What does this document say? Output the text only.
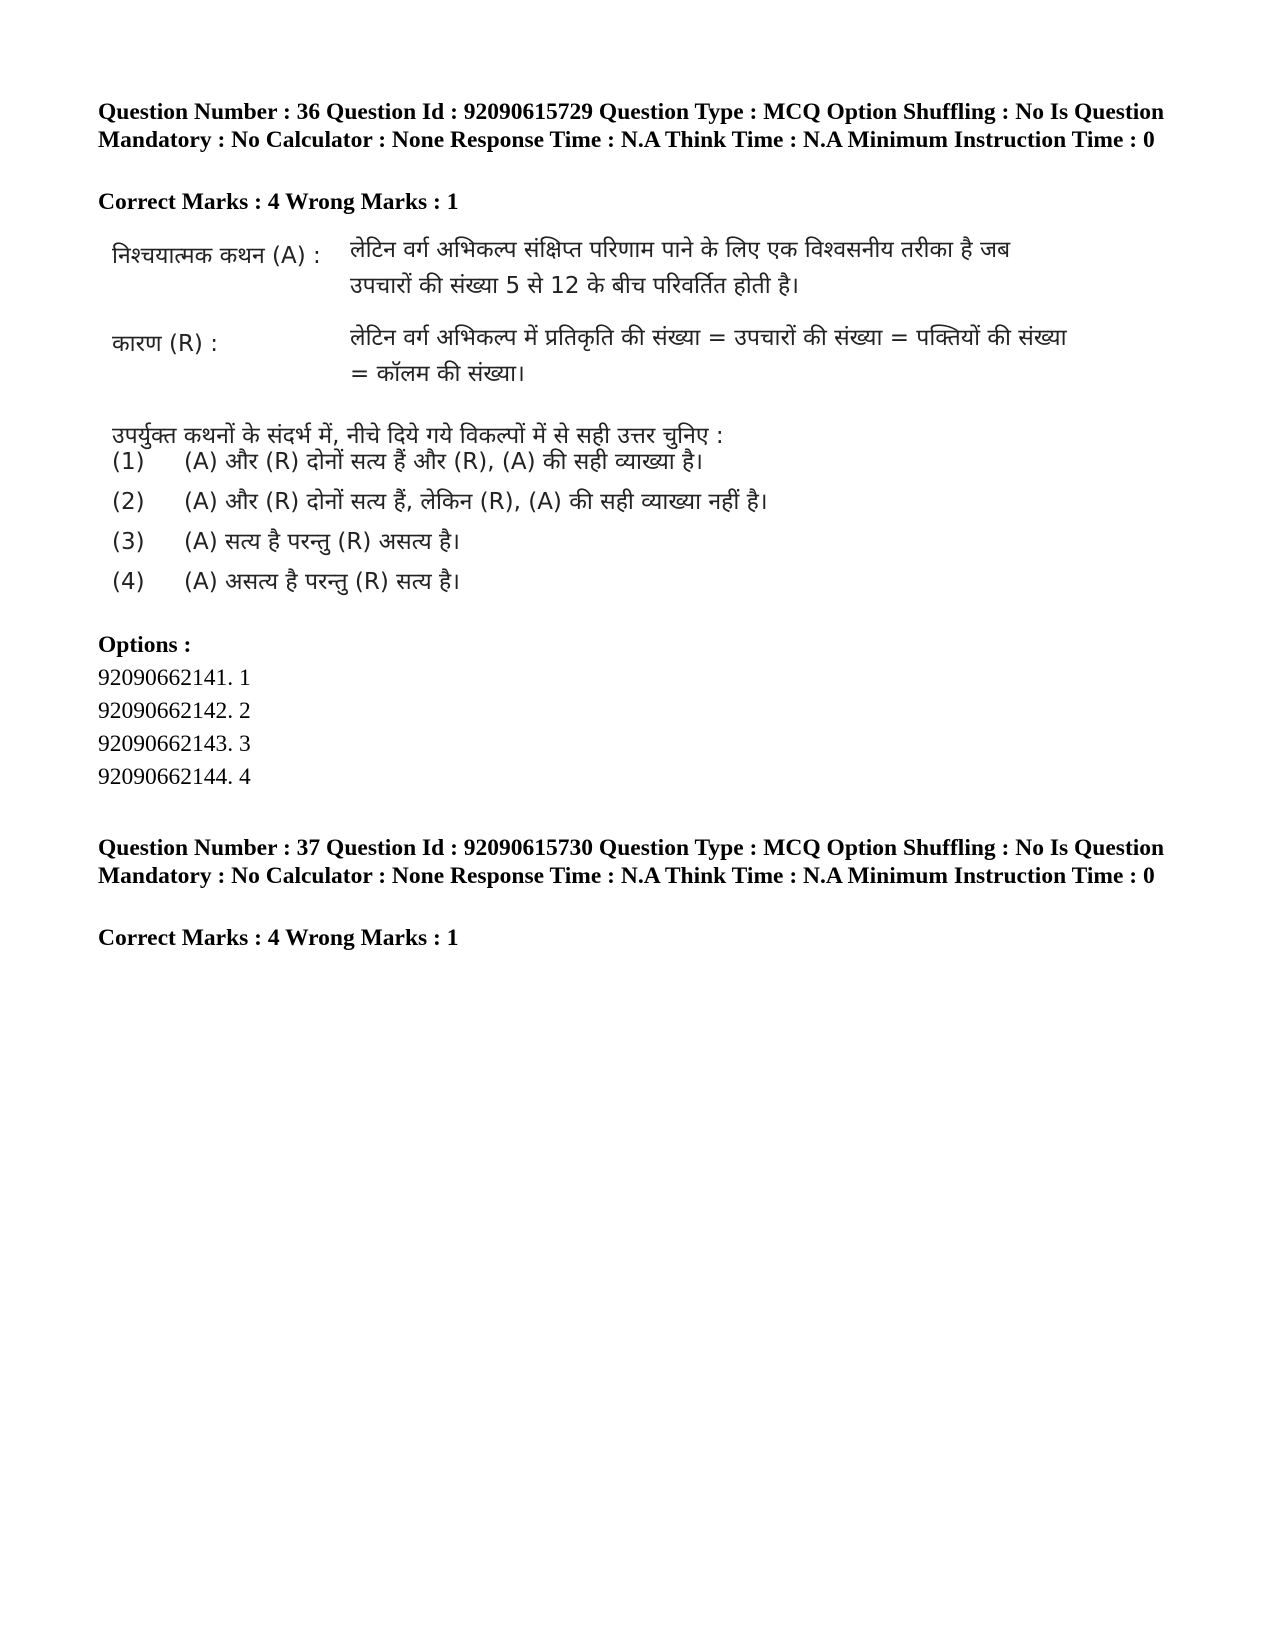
Question Number : 36 Question Id : 92090615729 Question Type : MCQ Option Shuffling : No Is Question Mandatory : No Calculator : None Response Time : N.A Think Time : N.A Minimum Instruction Time : 0
Correct Marks : 4 Wrong Marks : 1
निश्चयात्मक कथन (A) : लेटिन वर्ग अभिकल्प संक्षिप्त परिणाम पाने के लिए एक विश्वसनीय तरीका है जब उपचारों की संख्या 5 से 12 के बीच परिवर्तित होती है।
कारण (R) :	लेटिन वर्ग अभिकल्प में प्रतिकृति की संख्या = उपचारों की संख्या = पक्तियों की संख्या = कॉलम की संख्या।
उपर्युक्त कथनों के संदर्भ में, नीचे दिये गये विकल्पों में से सही उत्तर चुनिए :
(1) (A) और (R) दोनों सत्य हैं और (R), (A) की सही व्याख्या है।
(2) (A) और (R) दोनों सत्य हैं, लेकिन (R), (A) की सही व्याख्या नहीं है।
(3) (A) सत्य है परन्तु (R) असत्य है।
(4) (A) असत्य है परन्तु (R) सत्य है।
Options :
92090662141. 1
92090662142. 2
92090662143. 3
92090662144. 4
Question Number : 37 Question Id : 92090615730 Question Type : MCQ Option Shuffling : No Is Question Mandatory : No Calculator : None Response Time : N.A Think Time : N.A Minimum Instruction Time : 0
Correct Marks : 4 Wrong Marks : 1
